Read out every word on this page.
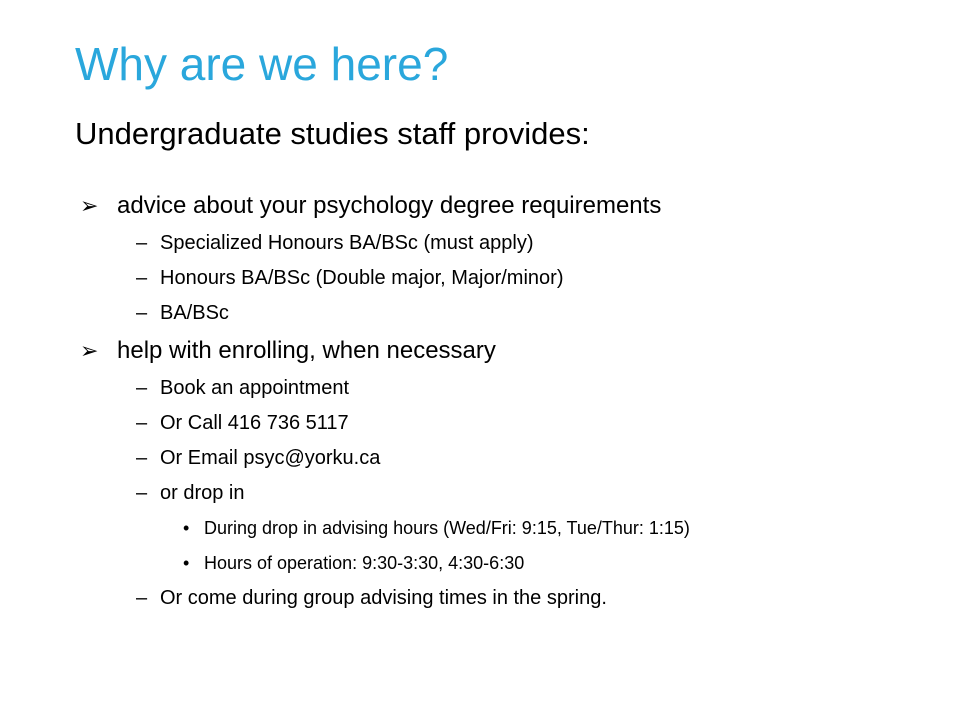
Why are we here?
Undergraduate studies staff provides:
➢ advice about your psychology degree requirements
– Specialized Honours BA/BSc (must apply)
– Honours BA/BSc (Double major, Major/minor)
– BA/BSc
➢ help with enrolling, when necessary
– Book an appointment
– Or Call 416 736 5117
– Or Email psyc@yorku.ca
– or drop in
• During drop in advising hours (Wed/Fri: 9:15, Tue/Thur: 1:15)
• Hours of operation: 9:30-3:30, 4:30-6:30
– Or come during group advising times in the spring.
